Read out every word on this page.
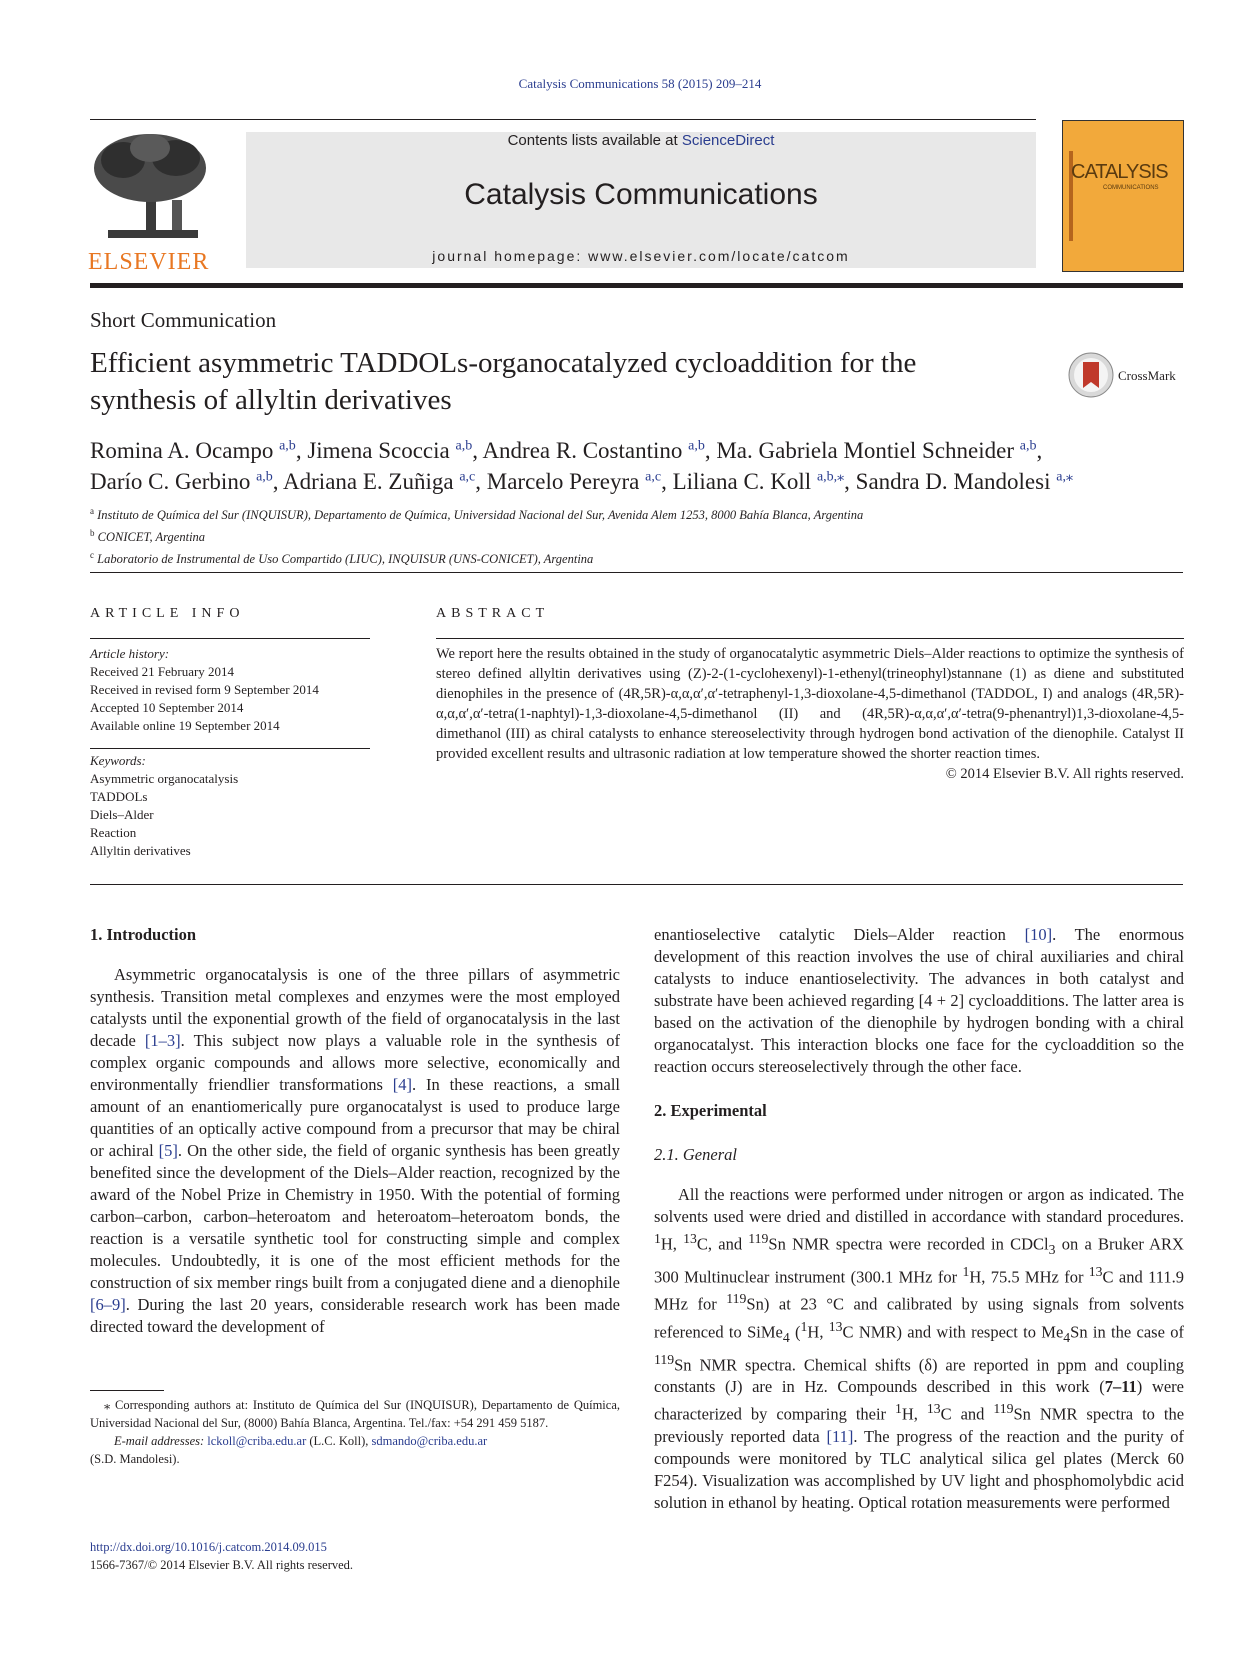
Catalysis Communications 58 (2015) 209–214
ELSEVIER
Contents lists available at ScienceDirect
Catalysis Communications
journal homepage: www.elsevier.com/locate/catcom
CATALYSIS
COMMUNICATIONS
Short Communication
Efficient asymmetric TADDOLs-organocatalyzed cycloaddition for the
synthesis of allyltin derivatives
CrossMark
Romina A. Ocampo $^{a,b}$, Jimena Scoccia $^{a,b}$, Andrea R. Costantino $^{a,b}$, Ma. Gabriela Montiel Schneider $^{a,b}$,
Darío C. Gerbino $^{a,b}$, Adriana E. Zuñiga $^{a,c}$, Marcelo Pereyra $^{a,c}$, Liliana C. Koll $^{a,b,⁎}$, Sandra D. Mandolesi $^{a,⁎}$
$^a$ Instituto de Química del Sur (INQUISUR), Departamento de Química, Universidad Nacional del Sur, Avenida Alem 1253, 8000 Bahía Blanca, Argentina
$^b$ CONICET, Argentina
$^c$ Laboratorio de Instrumental de Uso Compartido (LIUC), INQUISUR (UNS-CONICET), Argentina
ARTICLE INFO
Article history:
Received 21 February 2014
Received in revised form 9 September 2014
Accepted 10 September 2014
Available online 19 September 2014
Keywords:
Asymmetric organocatalysis
TADDOLs
Diels–Alder
Reaction
Allyltin derivatives
ABSTRACT
We report here the results obtained in the study of organocatalytic asymmetric Diels–Alder reactions to optimize the synthesis of stereo defined allyltin derivatives using (Z)-2-(1-cyclohexenyl)-1-ethenyl(trineophyl)stannane (1) as diene and substituted dienophiles in the presence of (4R,5R)-α,α,α′,α′-tetraphenyl-1,3-dioxolane-4,5-dimethanol (TADDOL, I) and analogs (4R,5R)-α,α,α′,α′-tetra(1-naphtyl)-1,3-dioxolane-4,5-dimethanol (II) and (4R,5R)-α,α,α′,α′-tetra(9-phenantryl)1,3-dioxolane-4,5-dimethanol (III) as chiral catalysts to enhance stereoselectivity through hydrogen bond activation of the dienophile. Catalyst II provided excellent results and ultrasonic radiation at low temperature showed the shorter reaction times.
© 2014 Elsevier B.V. All rights reserved.
1. Introduction
Asymmetric organocatalysis is one of the three pillars of asymmetric synthesis. Transition metal complexes and enzymes were the most employed catalysts until the exponential growth of the field of organocatalysis in the last decade [1–3]. This subject now plays a valuable role in the synthesis of complex organic compounds and allows more selective, economically and environmentally friendlier transformations [4]. In these reactions, a small amount of an enantiomerically pure organocatalyst is used to produce large quantities of an optically active compound from a precursor that may be chiral or achiral [5]. On the other side, the field of organic synthesis has been greatly benefited since the development of the Diels–Alder reaction, recognized by the award of the Nobel Prize in Chemistry in 1950. With the potential of forming carbon–carbon, carbon–heteroatom and heteroatom–heteroatom bonds, the reaction is a versatile synthetic tool for constructing simple and complex molecules. Undoubtedly, it is one of the most efficient methods for the construction of six member rings built from a conjugated diene and a dienophile [6–9]. During the last 20 years, considerable research work has been made directed toward the development of
⁎ Corresponding authors at: Instituto de Química del Sur (INQUISUR), Departamento de Química, Universidad Nacional del Sur, (8000) Bahía Blanca, Argentina. Tel./fax: +54 291 459 5187.
E-mail addresses: lckoll@criba.edu.ar (L.C. Koll), sdmando@criba.edu.ar
(S.D. Mandolesi).
http://dx.doi.org/10.1016/j.catcom.2014.09.015
1566-7367/© 2014 Elsevier B.V. All rights reserved.
enantioselective catalytic Diels–Alder reaction [10]. The enormous development of this reaction involves the use of chiral auxiliaries and chiral catalysts to induce enantioselectivity. The advances in both catalyst and substrate have been achieved regarding [4 + 2] cycloadditions. The latter area is based on the activation of the dienophile by hydrogen bonding with a chiral organocatalyst. This interaction blocks one face for the cycloaddition so the reaction occurs stereoselectively through the other face.
2. Experimental
2.1. General
All the reactions were performed under nitrogen or argon as indicated. The solvents used were dried and distilled in accordance with standard procedures. $^1$H, $^{13}$C, and $^{119}$Sn NMR spectra were recorded in CDCl$_3$ on a Bruker ARX 300 Multinuclear instrument (300.1 MHz for $^1$H, 75.5 MHz for $^{13}$C and 111.9 MHz for $^{119}$Sn) at 23 °C and calibrated by using signals from solvents referenced to SiMe$_4$ ($^1$H, $^{13}$C NMR) and with respect to $Me_4Sn$ in the case of $^{119}$Sn NMR spectra. Chemical shifts (δ) are reported in ppm and coupling constants (J) are in Hz. Compounds described in this work (7–11) were characterized by comparing their $^1$H, $^{13}$C and $^{119}$Sn NMR spectra to the previously reported data [11]. The progress of the reaction and the purity of compounds were monitored by TLC analytical silica gel plates (Merck 60 F254). Visualization was accomplished by UV light and phosphomolybdic acid solution in ethanol by heating. Optical rotation measurements were performed
